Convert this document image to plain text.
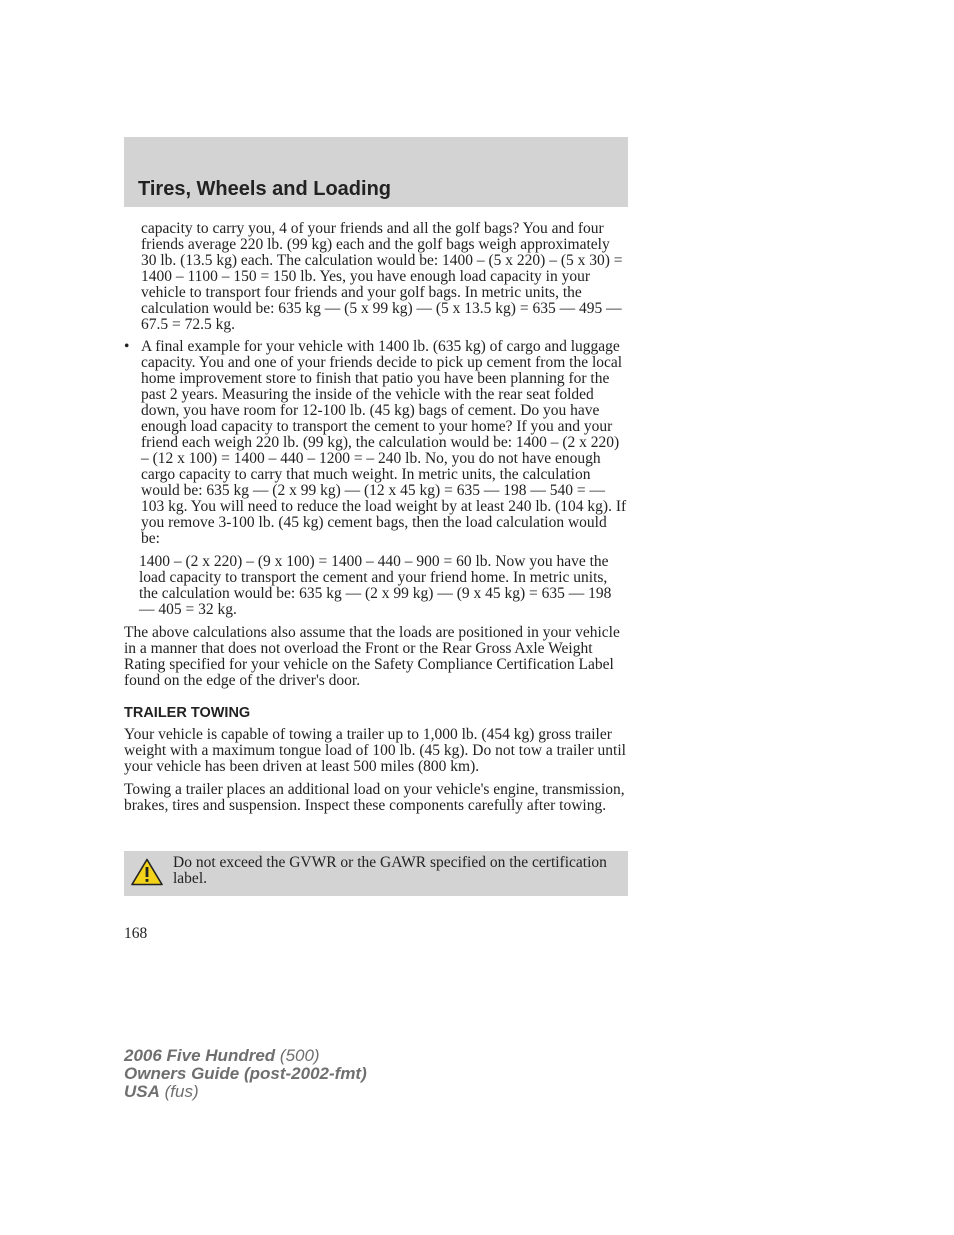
Tires, Wheels and Loading

capacity to carry you, 4 of your friends and all the golf bags? You and four friends average 220 lb. (99 kg) each and the golf bags weigh approximately 30 lb. (13.5 kg) each. The calculation would be: 1400 – (5 x 220) – (5 x 30) = 1400 – 1100 – 150 = 150 lb. Yes, you have enough load capacity in your vehicle to transport four friends and your golf bags. In metric units, the calculation would be: 635 kg — (5 x 99 kg) — (5 x 13.5 kg) = 635 — 495 — 67.5 = 72.5 kg.

• A final example for your vehicle with 1400 lb. (635 kg) of cargo and luggage capacity. You and one of your friends decide to pick up cement from the local home improvement store to finish that patio you have been planning for the past 2 years. Measuring the inside of the vehicle with the rear seat folded down, you have room for 12-100 lb. (45 kg) bags of cement. Do you have enough load capacity to transport the cement to your home? If you and your friend each weigh 220 lb. (99 kg), the calculation would be: 1400 – (2 x 220) – (12 x 100) = 1400 – 440 – 1200 = – 240 lb. No, you do not have enough cargo capacity to carry that much weight. In metric units, the calculation would be: 635 kg — (2 x 99 kg) — (12 x 45 kg) = 635 — 198 — 540 = —103 kg. You will need to reduce the load weight by at least 240 lb. (104 kg). If you remove 3-100 lb. (45 kg) cement bags, then the load calculation would be:

1400 – (2 x 220) – (9 x 100) = 1400 – 440 – 900 = 60 lb. Now you have the load capacity to transport the cement and your friend home. In metric units, the calculation would be: 635 kg — (2 x 99 kg) — (9 x 45 kg) = 635 — 198 — 405 = 32 kg.

The above calculations also assume that the loads are positioned in your vehicle in a manner that does not overload the Front or the Rear Gross Axle Weight Rating specified for your vehicle on the Safety Compliance Certification Label found on the edge of the driver's door.

TRAILER TOWING

Your vehicle is capable of towing a trailer up to 1,000 lb. (454 kg) gross trailer weight with a maximum tongue load of 100 lb. (45 kg). Do not tow a trailer until your vehicle has been driven at least 500 miles (800 km).

Towing a trailer places an additional load on your vehicle's engine, transmission, brakes, tires and suspension. Inspect these components carefully after towing.

Do not exceed the GVWR or the GAWR specified on the certification label.

168
2006 Five Hundred (500)
Owners Guide (post-2002-fmt)
USA (fus)
